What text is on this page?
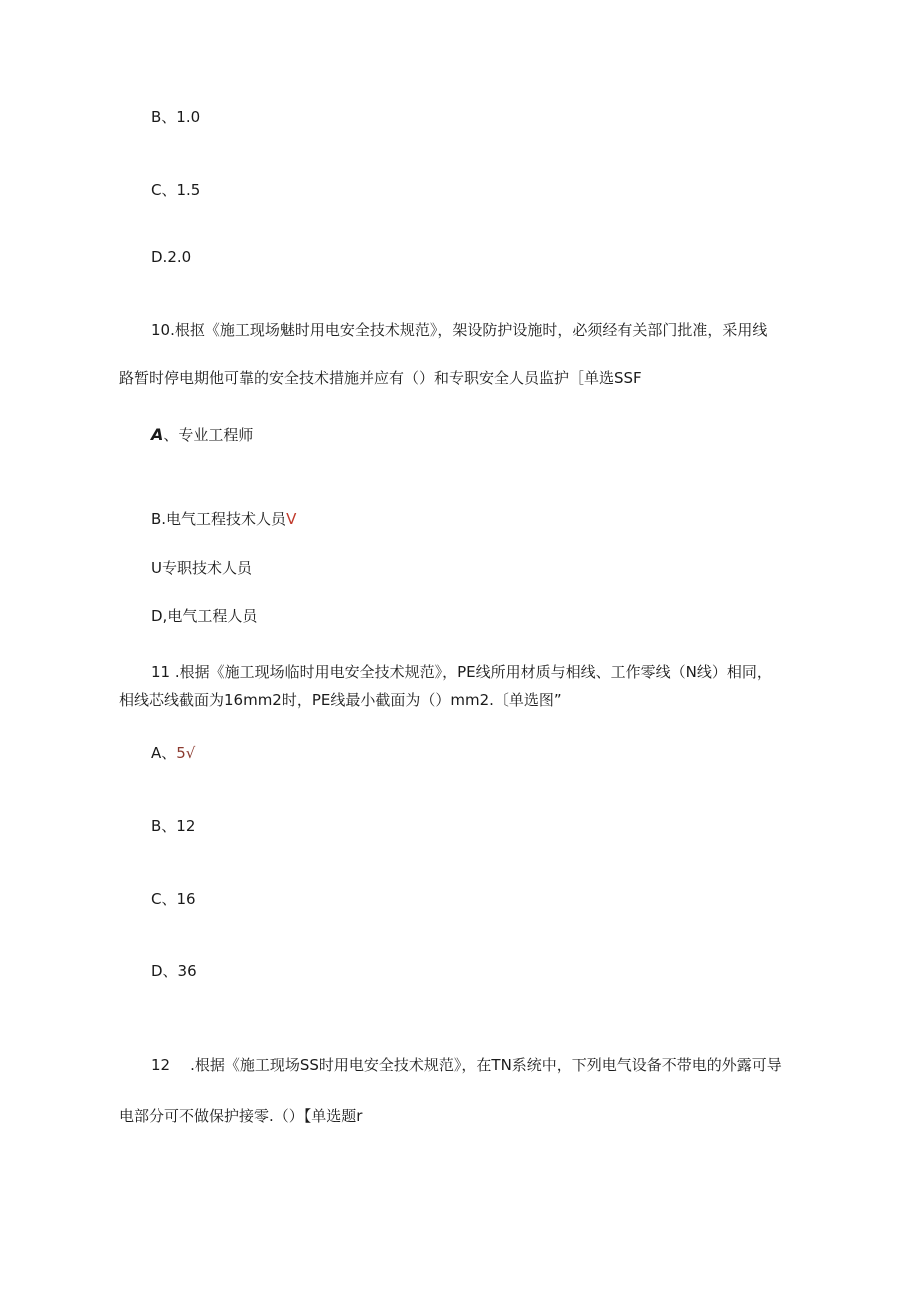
B、1.0
C、1.5
D.2.0
10.根抠《施工现场魅时用电安全技术规范》，架设防护设施时，必须经有关部门批准，采用线
路暂时停电期他可靠的安全技术措施并应有（）和专职安全人员监护［单选SSF
A、专业工程师
B.电气工程技术人员V
U专职技术人员
D,电气工程人员
11 .根据《施工现场临时用电安全技术规范》，PE线所用材质与相线、工作零线（N线）相同，
相线芯线截面为16mm2时，PE线最小截面为（）mm2.〔单选图”
A、5√
B、12
C、16
D、36
12 .根据《施工现场SS时用电安全技术规范》，在TN系统中，下列电气设备不带电的外露可导
电部分可不做保护接零.（）【单选题r
